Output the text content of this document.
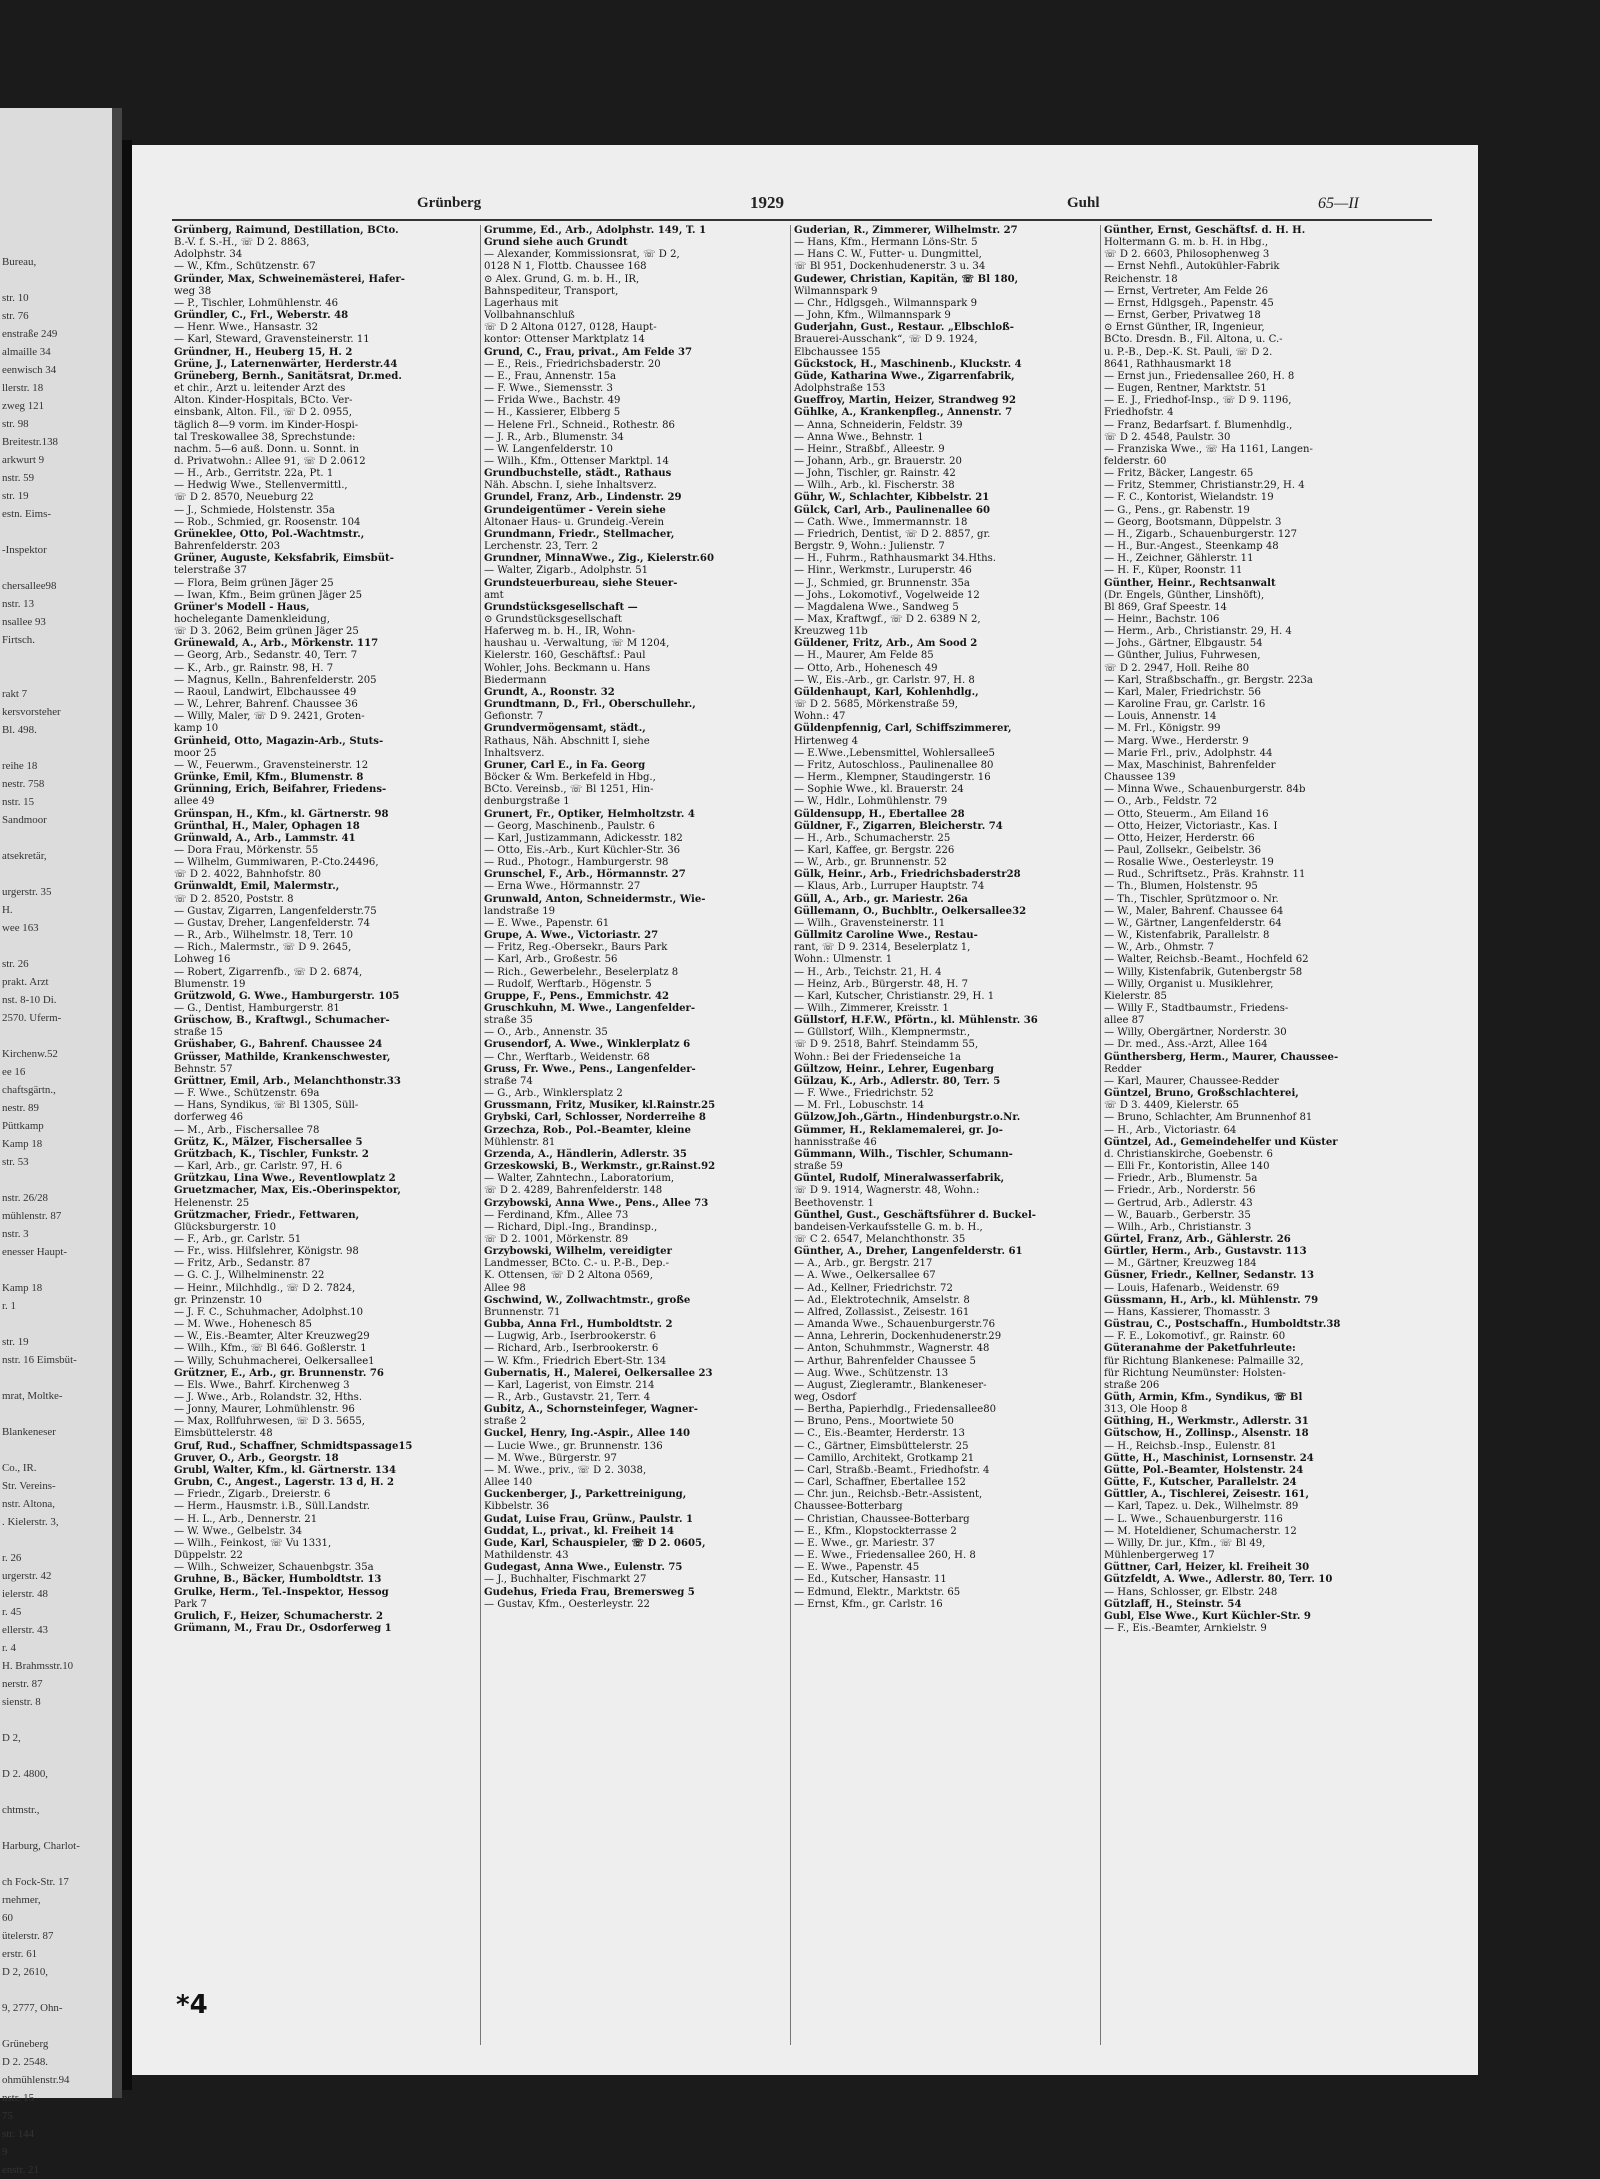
Bureau,

str. 10
str. 76
enstraße 249
almaille 34
eenwisch 34
llerstr. 18
zweg 121
str. 98
Breitestr.138
arkwurt 9
nstr. 59
str. 19
estn. Eims-

-Inspektor

chersallee98
nstr. 13
nsallee 93
Firtsch.

rakt 7
kersvorsteher
Bl. 498.

reihe 18
nestr. 758
nstr. 15
Sandmoor

atsekretär,

urgerstr. 35
H.
wee 163

str. 26
prakt. Arzt
nst. 8-10 Di.
2570. Uferm-

Kirchenw.52
ee 16
chaftsgärtn.,
nestr. 89
Püttkamp
Kamp 18
str. 53

nstr. 26/28
mühlenstr. 87
nstr. 3
enesser Haupt-

Kamp 18
r. 1

str. 19
nstr. 16 Eimsbüt-

mrat, Moltke-

Blankeneser

Co., IR.
Str. Vereins-
nstr. Altona,
. Kielerstr. 3,

r. 26
urgerstr. 42
ielerstr. 48
r. 45
ellerstr. 43
r. 4
H. Brahmsstr.10
nerstr. 87
sienstr. 8

D 2,

D 2. 4800,

chtmstr.,

Harburg, Charlot-

ch Fock-Str. 17
rnehmer,
60
ütelerstr. 87
erstr. 61
D 2, 2610,

9, 2777, Ohn-

Grüneberg
D 2. 2548.
ohmühlenstr.94
nstr. 15
75
str. 144
9
enstr. 21
Grünberg	1929	Guhl	65—II
Grünberg, Raimund, Destillation, BCto.
B.-V. f. S.-H., ☏ D 2. 8863,
Adolphstr. 34
— W., Kfm., Schützenstr. 67
Gründer, Max, Schweinemästerei, Hafer-
weg 38
— P., Tischler, Lohmühlenstr. 46
Gründler, C., Frl., Weberstr. 48
— Henr. Wwe., Hansastr. 32
— Karl, Steward, Gravensteinerstr. 11
Gründner, H., Heuberg 15, H. 2
Grüne, J., Laternenwärter, Herderstr.44
Grüneberg, Bernh., Sanitätsrat, Dr.med.
et chir., Arzt u. leitender Arzt des
Alton. Kinder-Hospitals, BCto. Ver-
einsbank, Alton. Fil., ☏ D 2. 0955,
täglich 8—9 vorm. im Kinder-Hospi-
tal Treskowallee 38, Sprechstunde:
nachm. 5—6 auß. Donn. u. Sonnt. in
d. Privatwohn.: Allee 91, ☏ D 2.0612
— H., Arb., Gerritstr. 22a, Pt. 1
— Hedwig Wwe., Stellenvermittl.,
☏ D 2. 8570, Neueburg 22
— J., Schmiede, Holstenstr. 35a
— Rob., Schmied, gr. Roosenstr. 104
Grüneklee, Otto, Pol.-Wachtmstr.,
Bahrenfelderstr. 203
Grüner, Auguste, Keksfabrik, Eimsbüt-
telerstraße 37
— Flora, Beim grünen Jäger 25
— Iwan, Kfm., Beim grünen Jäger 25
Grüner's Modell - Haus,
hochelegante Damenkleidung,
☏ D 3. 2062, Beim grünen Jäger 25
Grünewald, A., Arb., Mörkenstr. 117
— Georg, Arb., Sedanstr. 40, Terr. 7
— K., Arb., gr. Rainstr. 98, H. 7
— Magnus, Kelln., Bahrenfelderstr. 205
— Raoul, Landwirt, Elbchaussee 49
— W., Lehrer, Bahrenf. Chaussee 36
— Willy, Maler, ☏ D 9. 2421, Groten-
kamp 10
Grünheid, Otto, Magazin-Arb., Stuts-
moor 25
— W., Feuerwm., Gravensteinerstr. 12
Grünke, Emil, Kfm., Blumenstr. 8
Grünning, Erich, Beifahrer, Friedens-
allee 49
Grünspan, H., Kfm., kl. Gärtnerstr. 98
Grünthal, H., Maler, Ophagen 18
Grünwald, A., Arb., Lammstr. 41
— Dora Frau, Mörkenstr. 55
— Wilhelm, Gummiwaren, P.-Cto.24496,
☏ D 2. 4022, Bahnhofstr. 80
Grünwaldt, Emil, Malermstr.,
☏ D 2. 8520, Poststr. 8
— Gustav, Zigarren, Langenfelderstr.75
— Gustav, Dreher, Langenfelderstr. 74
— R., Arb., Wilhelmstr. 18, Terr. 10
— Rich., Malermstr., ☏ D 9. 2645,
Lohweg 16
— Robert, Zigarrenfb., ☏ D 2. 6874,
Blumenstr. 19
Grützwold, G. Wwe., Hamburgerstr. 105
— G., Dentist, Hamburgerstr. 81
Grüschow, B., Kraftwgl., Schumacher-
straße 15
Grüshaber, G., Bahrenf. Chaussee 24
Grüsser, Mathilde, Krankenschwester,
Behnstr. 57
Grüttner, Emil, Arb., Melanchthonstr.33
— F. Wwe., Schützenstr. 69a
— Hans, Syndikus, ☏ Bl 1305, Süll-
dorferweg 46
— M., Arb., Fischersallee 78
Grütz, K., Mälzer, Fischersallee 5
Grützbach, K., Tischler, Funkstr. 2
— Karl, Arb., gr. Carlstr. 97, H. 6
Grützkau, Lina Wwe., Reventlowplatz 2
Gruetzmacher, Max, Eis.-Oberinspektor,
Helenenstr. 25
Grützmacher, Friedr., Fettwaren,
Glücksburgerstr. 10
— F., Arb., gr. Carlstr. 51
— Fr., wiss. Hilfslehrer, Königstr. 98
— Fritz, Arb., Sedanstr. 87
— G. C. J., Wilhelminenstr. 22
— Heinr., Milchhdlg., ☏ D 2. 7824,
gr. Prinzenstr. 10
— J. F. C., Schuhmacher, Adolphst.10
— M. Wwe., Hohenesch 85
— W., Eis.-Beamter, Alter Kreuzweg29
— Wilh., Kfm., ☏ Bl 646. Goßlerstr. 1
— Willy, Schuhmacherei, Oelkersallee1
Grützner, E., Arb., gr. Brunnenstr. 76
— Els. Wwe., Bahrf. Kirchenweg 3
— J. Wwe., Arb., Rolandstr. 32, Hths.
— Jonny, Maurer, Lohmühlenstr. 96
— Max, Rollfuhrwesen, ☏ D 3. 5655,
Eimsbüttelerstr. 48
Gruf, Rud., Schaffner, Schmidtspassage15
Gruver, O., Arb., Georgstr. 18
Grubl, Walter, Kfm., kl. Gärtnerstr. 134
Grubn, C., Angest., Lagerstr. 13 d, H. 2
— Friedr., Zigarb., Dreierstr. 6
— Herm., Hausmstr. i.B., Süll.Landstr.
— H. L., Arb., Dennerstr. 21
— W. Wwe., Gelbelstr. 34
— Wilh., Feinkost, ☏ Vu 1331,
Düppelstr. 22
— Wilh., Schweizer, Schauenbgstr. 35a
Gruhne, B., Bäcker, Humboldtstr. 13
Grulke, Herm., Tel.-Inspektor, Hessog
Park 7
Grulich, F., Heizer, Schumacherstr. 2
Grümann, M., Frau Dr., Osdorferweg 1
Grumme, Ed., Arb., Adolphstr. 149, T. 1
Grund siehe auch Grundt
— Alexander, Kommissionsrat, ☏ D 2,
0128 N 1, Flottb. Chaussee 168
⊙ Alex. Grund, G. m. b. H., IR,
Bahnspediteur, Transport,
Lagerhaus mit
Vollbahnanschluß
☏ D 2 Altona 0127, 0128, Haupt-
kontor: Ottenser Marktplatz 14
Grund, C., Frau, privat., Am Felde 37
— E., Reis., Friedrichsbaderstr. 20
— E., Frau, Annenstr. 15a
— F. Wwe., Siemensstr. 3
— Frida Wwe., Bachstr. 49
— H., Kassierer, Elbberg 5
— Helene Frl., Schneid., Rothestr. 86
— J. R., Arb., Blumenstr. 34
— W. Langenfelderstr. 10
— Wilh., Kfm., Ottenser Marktpl. 14
Grundbuchstelle, städt., Rathaus
Näh. Abschn. I, siehe Inhaltsverz.
Grundel, Franz, Arb., Lindenstr. 29
Grundeigentümer - Verein siehe
Altonaer Haus- u. Grundeig.-Verein
Grundmann, Friedr., Stellmacher,
Lerchenstr. 23, Terr. 2
Grundner, MinnaWwe., Zig., Kielerstr.60
— Walter, Zigarb., Adolphstr. 51
Grundsteuerbureau, siehe Steuer-
amt
Grundstücksgesellschaft —
⊙ Grundstücksgesellschaft
Haferweg m. b. H., IR, Wohn-
haushau u. -Verwaltung, ☏ M 1204,
Kielerstr. 160, Geschäftsf.: Paul
Wohler, Johs. Beckmann u. Hans
Biedermann
Grundt, A., Roonstr. 32
Grundtmann, D., Frl., Oberschullehr.,
Gefionstr. 7
Grundvermögensamt, städt.,
Rathaus, Näh. Abschnitt I, siehe
Inhaltsverz.
Gruner, Carl E., in Fa. Georg
Böcker & Wm. Berkefeld in Hbg.,
BCto. Vereinsb., ☏ Bl 1251, Hin-
denburgstraße 1
Grunert, Fr., Optiker, Helmholtzstr. 4
— Georg, Maschinenb., Paulstr. 6
— Karl, Justizammann, Adickesstr. 182
— Otto, Eis.-Arb., Kurt Küchler-Str. 36
— Rud., Photogr., Hamburgerstr. 98
Grunschel, F., Arb., Hörmannstr. 27
— Erna Wwe., Hörmannstr. 27
Grunwald, Anton, Schneidermstr., Wie-
landstraße 19
— E. Wwe., Papenstr. 61
Grupe, A. Wwe., Victoriastr. 27
— Fritz, Reg.-Obersekr., Baurs Park
— Karl, Arb., Großestr. 56
— Rich., Gewerbelehr., Beselerplatz 8
— Rudolf, Werftarb., Högenstr. 5
Gruppe, F., Pens., Emmichstr. 42
Gruschkuhn, M. Wwe., Langenfelder-
straße 35
— O., Arb., Annenstr. 35
Grusendorf, A. Wwe., Winklerplatz 6
— Chr., Werftarb., Weidenstr. 68
Gruss, Fr. Wwe., Pens., Langenfelder-
straße 74
— G., Arb., Winklersplatz 2
Grussmann, Fritz, Musiker, kl.Rainstr.25
Grybski, Carl, Schlosser, Norderreihe 8
Grzechza, Rob., Pol.-Beamter, kleine
Mühlenstr. 81
Grzenda, A., Händlerin, Adlerstr. 35
Grzeskowski, B., Werkmstr., gr.Rainst.92
— Walter, Zahntechn., Laboratorium,
☏ D 2. 4289, Bahrenfelderstr. 148
Grzybowski, Anna Wwe., Pens., Allee 73
— Ferdinand, Kfm., Allee 73
— Richard, Dipl.-Ing., Brandinsp.,
☏ D 2. 1001, Mörkenstr. 89
Grzybowski, Wilhelm, vereidigter
Landmesser, BCto. C.- u. P.-B., Dep.-
K. Ottensen, ☏ D 2 Altona 0569,
Allee 98
Gschwind, W., Zollwachtmstr., große
Brunnenstr. 71
Gubba, Anna Frl., Humboldtstr. 2
— Lugwig, Arb., Iserbrookerstr. 6
— Richard, Arb., Iserbrookerstr. 6
— W. Kfm., Friedrich Ebert-Str. 134
Gubernatis, H., Malerei, Oelkersallee 23
— Karl, Lagerist, von Eimstr. 214
— R., Arb., Gustavstr. 21, Terr. 4
Gubitz, A., Schornsteinfeger, Wagner-
straße 2
Guckel, Henry, Ing.-Aspir., Allee 140
— Lucie Wwe., gr. Brunnenstr. 136
— M. Wwe., Bürgerstr. 97
— M. Wwe., priv., ☏ D 2. 3038,
Allee 140
Guckenberger, J., Parkettreinigung,
Kibbelstr. 36
Gudat, Luise Frau, Grünw., Paulstr. 1
Guddat, L., privat., kl. Freiheit 14
Gude, Karl, Schauspieler, ☏ D 2. 0605,
Mathildenstr. 43
Gudegast, Anna Wwe., Eulenstr. 75
— J., Buchhalter, Fischmarkt 27
Gudehus, Frieda Frau, Bremersweg 5
— Gustav, Kfm., Oesterleystr. 22
Guderian, R., Zimmerer, Wilhelmstr. 27
— Hans, Kfm., Hermann Löns-Str. 5
— Hans C. W., Futter- u. Dungmittel,
☏ Bl 951, Dockenhudenerstr. 3 u. 34
Gudewer, Christian, Kapitän, ☏ Bl 180,
Wilmannspark 9
— Chr., Hdlgsgeh., Wilmannspark 9
— John, Kfm., Wilmannspark 9
Guderjahn, Gust., Restaur. „Elbschloß-
Brauerei-Ausschank“, ☏ D 9. 1924,
Elbchaussee 155
Gückstock, H., Maschinenb., Kluckstr. 4
Güde, Katharina Wwe., Zigarrenfabrik,
Adolphstraße 153
Gueffroy, Martin, Heizer, Strandweg 92
Gühlke, A., Krankenpfleg., Annenstr. 7
— Anna, Schneiderin, Feldstr. 39
— Anna Wwe., Behnstr. 1
— Heinr., Straßbf., Alleestr. 9
— Johann, Arb., gr. Brauerstr. 20
— John, Tischler, gr. Rainstr. 42
— Wilh., Arb., kl. Fischerstr. 38
Gühr, W., Schlachter, Kibbelstr. 21
Gülck, Carl, Arb., Paulinenallee 60
— Cath. Wwe., Immermannstr. 18
— Friedrich, Dentist, ☏ D 2. 8857, gr.
Bergstr. 9, Wohn.: Julienstr. 7
— H., Fuhrm., Rathhausmarkt 34.Hths.
— Hinr., Werkmstr., Luruperstr. 46
— J., Schmied, gr. Brunnenstr. 35a
— Johs., Lokomotivf., Vogelweide 12
— Magdalena Wwe., Sandweg 5
— Max, Kraftwgf., ☏ D 2. 6389 N 2,
Kreuzweg 11b
Güldener, Fritz, Arb., Am Sood 2
— H., Maurer, Am Felde 85
— Otto, Arb., Hohenesch 49
— W., Eis.-Arb., gr. Carlstr. 97, H. 8
Güldenhaupt, Karl, Kohlenhdlg.,
☏ D 2. 5685, Mörkenstraße 59,
Wohn.: 47
Güldenpfennig, Carl, Schiffszimmerer,
Hirtenweg 4
— E.Wwe.,Lebensmittel, Wohlersallee5
— Fritz, Autoschloss., Paulinenallee 80
— Herm., Klempner, Staudingerstr. 16
— Sophie Wwe., kl. Brauerstr. 24
— W., Hdlr., Lohmühlenstr. 79
Güldensupp, H., Ebertallee 28
Güldner, F., Zigarren, Bleicherstr. 74
— H., Arb., Schumacherstr. 25
— Karl, Kaffee, gr. Bergstr. 226
— W., Arb., gr. Brunnenstr. 52
Gülk, Heinr., Arb., Friedrichsbaderstr28
— Klaus, Arb., Lurruper Hauptstr. 74
Güll, A., Arb., gr. Mariestr. 26a
Güllemann, O., Buchbltr., Oelkersallee32
— Wilh., Gravensteinerstr. 11
Güllmitz Caroline Wwe., Restau-
rant, ☏ D 9. 2314, Beselerplatz 1,
Wohn.: Ulmenstr. 1
— H., Arb., Teichstr. 21, H. 4
— Heinz, Arb., Bürgerstr. 48, H. 7
— Karl, Kutscher, Christianstr. 29, H. 1
— Wilh., Zimmerer, Kreisstr. 1
Güllstorf, H.F.W., Pförtn., kl. Mühlenstr. 36
— Güllstorf, Wilh., Klempnermstr.,
☏ D 9. 2518, Bahrf. Steindamm 55,
Wohn.: Bei der Friedenseiche 1a
Gültzow, Heinr., Lehrer, Eugenbarg
Gülzau, K., Arb., Adlerstr. 80, Terr. 5
— F. Wwe., Friedrichstr. 52
— M. Frl., Lobuschstr. 14
Gülzow,Joh.,Gärtn., Hindenburgstr.o.Nr.
Gümmer, H., Reklamemalerei, gr. Jo-
hannisstraße 46
Gümmann, Wilh., Tischler, Schumann-
straße 59
Güntel, Rudolf, Mineralwasserfabrik,
☏ D 9. 1914, Wagnerstr. 48, Wohn.:
Beethovenstr. 1
Günthel, Gust., Geschäftsführer d. Buckel-
bandeisen-Verkaufsstelle G. m. b. H.,
☏ C 2. 6547, Melanchthonstr. 35
Günther, A., Dreher, Langenfelderstr. 61
— A., Arb., gr. Bergstr. 217
— A. Wwe., Oelkersallee 67
— Ad., Kellner, Friedrichstr. 72
— Ad., Elektrotechnik, Amselstr. 8
— Alfred, Zollassist., Zeisestr. 161
— Amanda Wwe., Schauenburgerstr.76
— Anna, Lehrerin, Dockenhudenerstr.29
— Anton, Schuhmmstr., Wagnerstr. 48
— Arthur, Bahrenfelder Chaussee 5
— Aug. Wwe., Schützenstr. 13
— August, Ziegleramtr., Blankeneser-
weg, Osdorf
— Bertha, Papierhdlg., Friedensallee80
— Bruno, Pens., Moortwiete 50
— C., Eis.-Beamter, Herderstr. 13
— C., Gärtner, Eimsbüttelerstr. 25
— Camillo, Architekt, Grotkamp 21
— Carl, Straßb.-Beamt., Friedhofstr. 4
— Carl, Schaffner, Ebertallee 152
— Chr. jun., Reichsb.-Betr.-Assistent,
Chaussee-Botterbarg
— Christian, Chaussee-Botterbarg
— E., Kfm., Klopstockterrasse 2
— E. Wwe., gr. Mariestr. 37
— E. Wwe., Friedensallee 260, H. 8
— E. Wwe., Papenstr. 45
— Ed., Kutscher, Hansastr. 11
— Edmund, Elektr., Marktstr. 65
— Ernst, Kfm., gr. Carlstr. 16
Günther, Ernst, Geschäftsf. d. H. H.
Holtermann G. m. b. H. in Hbg.,
☏ D 2. 6603, Philosophenweg 3
— Ernst Nehfl., Autokühler-Fabrik
Reichenstr. 18
— Ernst, Vertreter, Am Felde 26
— Ernst, Hdlgsgeh., Papenstr. 45
— Ernst, Gerber, Privatweg 18
⊙ Ernst Günther, IR, Ingenieur,
BCto. Dresdn. B., Fil. Altona, u. C.-
u. P.-B., Dep.-K. St. Pauli, ☏ D 2.
8641, Rathhausmarkt 18
— Ernst jun., Friedensallee 260, H. 8
— Eugen, Rentner, Marktstr. 51
— E. J., Friedhof-Insp., ☏ D 9. 1196,
Friedhofstr. 4
— Franz, Bedarfsart. f. Blumenhdlg.,
☏ D 2. 4548, Paulstr. 30
— Franziska Wwe., ☏ Ha 1161, Langen-
felderstr. 60
— Fritz, Bäcker, Langestr. 65
— Fritz, Stemmer, Christianstr.29, H. 4
— F. C., Kontorist, Wielandstr. 19
— G., Pens., gr. Rabenstr. 19
— Georg, Bootsmann, Düppelstr. 3
— H., Zigarb., Schauenburgerstr. 127
— H., Bur.-Angest., Steenkamp 48
— H., Zeichner, Gählerstr. 11
— H. F., Küper, Roonstr. 11
Günther, Heinr., Rechtsanwalt
(Dr. Engels, Günther, Linshöft),
Bl 869, Graf Speestr. 14
— Heinr., Bachstr. 106
— Herm., Arb., Christianstr. 29, H. 4
— Johs., Gärtner, Elbgaustr. 54
— Günther, Julius, Fuhrwesen,
☏ D 2. 2947, Holl. Reihe 80
— Karl, Straßbschaffn., gr. Bergstr. 223a
— Karl, Maler, Friedrichstr. 56
— Karoline Frau, gr. Carlstr. 16
— Louis, Annenstr. 14
— M. Frl., Königstr. 99
— Marg. Wwe., Herderstr. 9
— Marie Frl., priv., Adolphstr. 44
— Max, Maschinist, Bahrenfelder
Chaussee 139
— Minna Wwe., Schauenburgerstr. 84b
— O., Arb., Feldstr. 72
— Otto, Steuerm., Am Eiland 16
— Otto, Heizer, Victoriastr., Kas. I
— Otto, Heizer, Herderstr. 66
— Paul, Zollsekr., Geibelstr. 36
— Rosalie Wwe., Oesterleystr. 19
— Rud., Schriftsetz., Präs. Krahnstr. 11
— Th., Blumen, Holstenstr. 95
— Th., Tischler, Sprützmoor o. Nr.
— W., Maler, Bahrenf. Chaussee 64
— W., Gärtner, Langenfelderstr. 64
— W., Kistenfabrik, Parallelstr. 8
— W., Arb., Ohmstr. 7
— Walter, Reichsb.-Beamt., Hochfeld 62
— Willy, Kistenfabrik, Gutenbergstr 58
— Willy, Organist u. Musiklehrer,
Kielerstr. 85
— Willy F., Stadtbaumstr., Friedens-
allee 87
— Willy, Obergärtner, Norderstr. 30
— Dr. med., Ass.-Arzt, Allee 164
Günthersberg, Herm., Maurer, Chaussee-
Redder
— Karl, Maurer, Chaussee-Redder
Güntzel, Bruno, Großschlachterei,
☏ D 3. 4409, Kielerstr. 65
— Bruno, Schlachter, Am Brunnenhof 81
— H., Arb., Victoriastr. 64
Güntzel, Ad., Gemeindehelfer und Küster
d. Christianskirche, Goebenstr. 6
— Elli Fr., Kontoristin, Allee 140
— Friedr., Arb., Blumenstr. 5a
— Friedr., Arb., Norderstr. 56
— Gertrud, Arb., Adlerstr. 43
— W., Bauarb., Gerberstr. 35
— Wilh., Arb., Christianstr. 3
Gürtel, Franz, Arb., Gählerstr. 26
Gürtler, Herm., Arb., Gustavstr. 113
— M., Gärtner, Kreuzweg 184
Güsner, Friedr., Kellner, Sedanstr. 13
— Louis, Hafenarb., Weidenstr. 69
Güssmann, H., Arb., kl. Mühlenstr. 79
— Hans, Kassierer, Thomasstr. 3
Güstrau, C., Postschaffn., Humboldtstr.38
— F. E., Lokomotivf., gr. Rainstr. 60
Güteranahme der Paketfuhrleute:
für Richtung Blankenese: Palmaille 32,
für Richtung Neumünster: Holsten-
straße 206
Güth, Armin, Kfm., Syndikus, ☏ Bl
313, Ole Hoop 8
Güthing, H., Werkmstr., Adlerstr. 31
Gütschow, H., Zollinsp., Alsenstr. 18
— H., Reichsb.-Insp., Eulenstr. 81
Gütte, H., Maschinist, Lornsenstr. 24
Gütte, Pol.-Beamter, Holstenstr. 24
Gütte, F., Kutscher, Parallelstr. 24
Güttler, A., Tischlerei, Zeisestr. 161,
— Karl, Tapez. u. Dek., Wilhelmstr. 89
— L. Wwe., Schauenburgerstr. 116
— M. Hoteldiener, Schumacherstr. 12
— Willy, Dr. jur., Kfm., ☏ Bl 49,
Mühlenbergerweg 17
Güttner, Carl, Heizer, kl. Freiheit 30
Gützfeldt, A. Wwe., Adlerstr. 80, Terr. 10
— Hans, Schlosser, gr. Elbstr. 248
Gützlaff, H., Steinstr. 54
Gubl, Else Wwe., Kurt Küchler-Str. 9
— F., Eis.-Beamter, Arnkielstr. 9
*4
